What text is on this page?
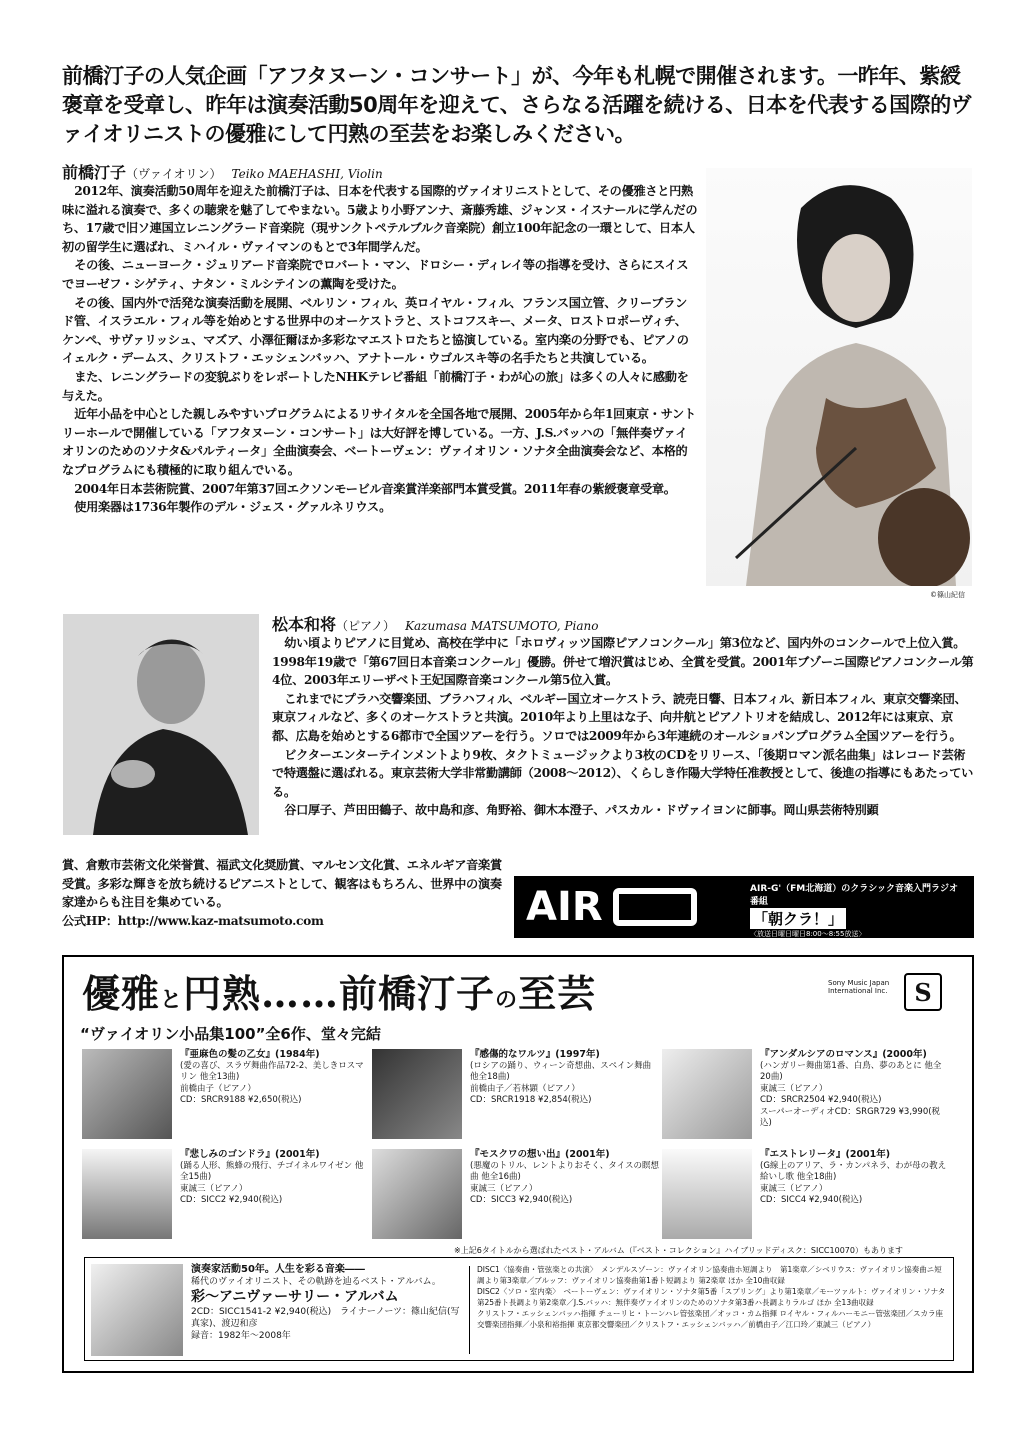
前橋汀子の人気企画「アフタヌーン・コンサート」が、今年も札幌で開催されます。一昨年、紫綬褒章を受章し、昨年は演奏活動50周年を迎えて、さらなる活躍を続ける、日本を代表する国際的ヴァイオリニストの優雅にして円熟の至芸をお楽しみください。
前橋汀子（ヴァイオリン） Teiko MAEHASHI, Violin

2012年、演奏活動50周年を迎えた前橋汀子は、日本を代表する国際的ヴァイオリニストとして、その優雅さと円熟味に溢れる演奏で、多くの聴衆を魅了してやまない。5歳より小野アンナ、斎藤秀雄、ジャンヌ・イスナールに学んだのち、17歳で旧ソ連国立レニングラード音楽院（現サンクトペテルブルク音楽院）創立100年記念の一環として、日本人初の留学生に選ばれ、ミハイル・ヴァイマンのもとで3年間学んだ。

その後、ニューヨーク・ジュリアード音楽院でロバート・マン、ドロシー・ディレイ等の指導を受け、さらにスイスでヨーゼフ・シゲティ、ナタン・ミルシテインの薫陶を受けた。

その後、国内外で活発な演奏活動を展開、ベルリン・フィル、英ロイヤル・フィル、フランス国立管、クリーブランド管、イスラエル・フィル等を始めとする世界中のオーケストラと、ストコフスキー、メータ、ロストロポーヴィチ、ケンペ、サヴァリッシュ、マズア、小澤征爾ほか多彩なマエストロたちと協演している。室内楽の分野でも、ピアノのイェルク・デームス、クリストフ・エッシェンバッハ、アナトール・ウゴルスキ等の名手たちと共演している。

また、レニングラードの変貌ぶりをレポートしたNHKテレビ番組「前橋汀子・わが心の旅」は多くの人々に感動を与えた。

近年小品を中心とした親しみやすいプログラムによるリサイタルを全国各地で展開、2005年から年1回東京・サントリーホールで開催している「アフタヌーン・コンサート」は大好評を博している。一方、J.S.バッハの「無伴奏ヴァイオリンのためのソナタ&パルティータ」全曲演奏会、ベートーヴェン：ヴァイオリン・ソナタ全曲演奏会など、本格的なプログラムにも積極的に取り組んでいる。

2004年日本芸術院賞、2007年第37回エクソンモービル音楽賞洋楽部門本賞受賞。2011年春の紫綬褒章受章。

使用楽器は1736年製作のデル・ジェス・グァルネリウス。

©篠山紀信
松本和将（ピアノ） Kazumasa MATSUMOTO, Piano

幼い頃よりピアノに目覚め、高校在学中に「ホロヴィッツ国際ピアノコンクール」第3位など、国内外のコンクールで上位入賞。1998年19歳で「第67回日本音楽コンクール」優勝。併せて増沢賞はじめ、全賞を受賞。2001年ブゾーニ国際ピアノコンクール第4位、2003年エリーザベト王妃国際音楽コンクール第5位入賞。

これまでにプラハ交響楽団、ブラハフィル、ベルギー国立オーケストラ、読売日響、日本フィル、新日本フィル、東京交響楽団、東京フィルなど、多くのオーケストラと共演。2010年より上里はな子、向井航とピアノトリオを結成し、2012年には東京、京都、広島を始めとする6都市で全国ツアーを行う。ソロでは2009年から3年連続のオールショパンプログラム全国ツアーを行う。

ビクターエンターテインメントより9枚、タクトミュージックより3枚のCDをリリース、「後期ロマン派名曲集」はレコード芸術で特選盤に選ばれる。東京芸術大学非常勤講師（2008〜2012）、くらしき作陽大学特任准教授として、後進の指導にもあたっている。

谷口厚子、芦田田鶴子、故中島和彦、角野裕、御木本澄子、パスカル・ドヴァイヨンに師事。岡山県芸術特別顕

賞、倉敷市芸術文化栄誉賞、福武文化奨励賞、マルセン文化賞、エネルギア音楽賞受賞。多彩な輝きを放ち続けるピアニストとして、観客はもちろん、世界中の演奏家達からも注目を集めている。
公式HP：http://www.kaz-matsumoto.com	AIR	AIR-G'（FM北海道）のクラシック音楽入門ラジオ番組
「朝クラ！」
〈放送日曜日曜日8:00〜8:55放送〉
DJ:高山秀毅 HIDEKI TAKAYAMA
[mail] asakura@air-g.co.jp
優雅と円熟……前橋汀子の至芸	Sony Music Japan International Inc.	S
“ヴァイオリン小品集100”全6作、堂々完結
『亜麻色の髪の乙女』(1984年)
(愛の喜び、スラヴ舞曲作品72-2、美しきロスマリン 他全13曲)
前橋由子（ピアノ）
CD：SRCR9188 ¥2,650(税込)
『感傷的なワルツ』(1997年)
(ロシアの踊り、ウィーン奇想曲、スペイン舞曲 他全18曲)
前橋由子／若林顕（ピアノ）
CD：SRCR1918 ¥2,854(税込)
『アンダルシアのロマンス』(2000年)
(ハンガリー舞曲第1番、白鳥、夢のあとに 他全20曲)
東誠三（ピアノ）
CD：SRCR2504 ¥2,940(税込)
スーパーオーディオCD：SRGR729 ¥3,990(税込)
『悲しみのゴンドラ』(2001年)
(踊る人形、熊蜂の飛行、チゴイネルワイゼン 他全15曲)
東誠三（ピアノ）
CD：SICC2 ¥2,940(税込)
『モスクワの想い出』(2001年)
(悪魔のトリル、レントよりおそく、タイスの瞑想曲 他全16曲)
東誠三（ピアノ）
CD：SICC3 ¥2,940(税込)
『エストレリータ』(2001年)
(G線上のアリア、ラ・カンパネラ、わが母の教え給いし歌 他全18曲)
東誠三（ピアノ）
CD：SICC4 ¥2,940(税込)
※上記6タイトルから選ばれたベスト・アルバム（『ベスト・コレクション』ハイブリッドディスク：SICC10070）もあります
演奏家活動50年。人生を彩る音楽――
稀代のヴァイオリニスト、その軌跡を辿るベスト・アルバム。
彩〜アニヴァーサリー・アルバム
2CD：SICC1541-2 ¥2,940(税込)　ライナーノーツ：篠山紀信(写真家)、渡辺和彦
録音：1982年〜2008年
DISC1〈協奏曲・管弦楽との共演〉　メンデルスゾーン：ヴァイオリン協奏曲ホ短調より　第1楽章／シベリウス：ヴァイオリン協奏曲ニ短調より第3楽章／ブルッフ：ヴァイオリン協奏曲第1番ト短調より 第2楽章 ほか 全10曲収録
DISC2〈ソロ・室内楽〉　ベートーヴェン：ヴァイオリン・ソナタ第5番「スプリング」より第1楽章／モーツァルト：ヴァイオリン・ソナタ第25番ト長調より第2楽章／J.S.バッハ：無伴奏ヴァイオリンのためのソナタ第3番ハ長調よりラルゴ ほか 全13曲収録
クリストフ・エッシェンバッハ指揮 チューリヒ・トーンハレ管弦楽団／オッコ・カム指揮 ロイヤル・フィルハーモニー管弦楽団／スカラ座交響楽団指揮／小泉和裕指揮 東京都交響楽団／クリストフ・エッシェンバッハ／前橋由子／江口玲／東誠三（ピアノ）
